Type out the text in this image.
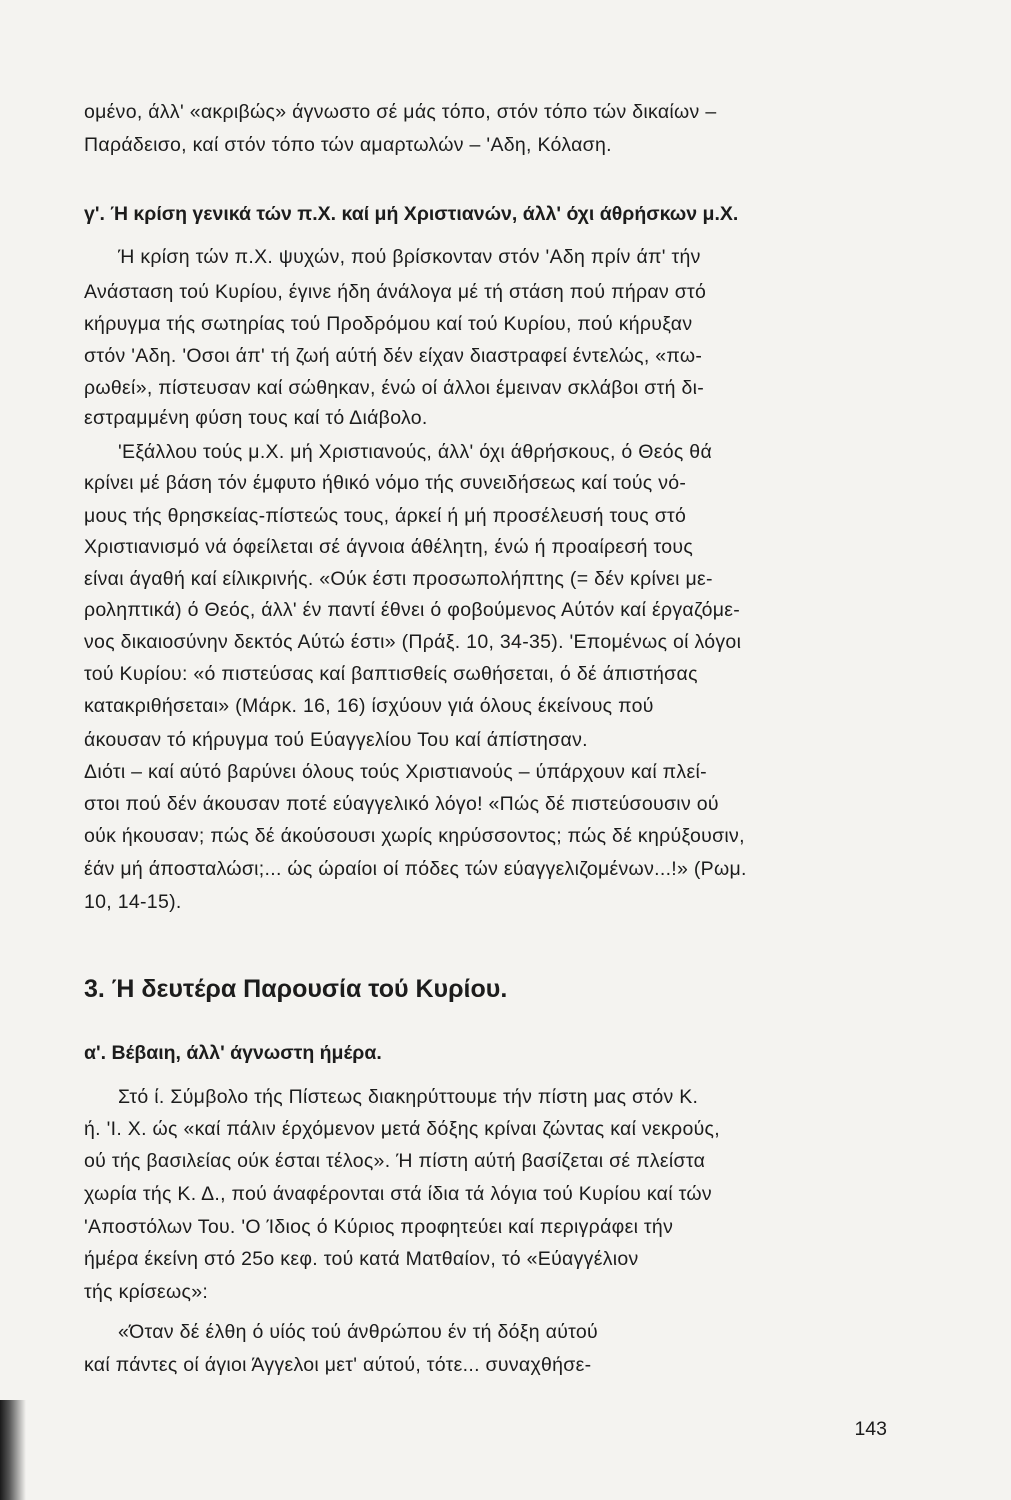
ομένο, άλλ' «ακριβώς» άγνωστο σέ μάς τόπο, στόν τόπο τών δικαίων –
Παράδεισο, καί στόν τόπο τών αμαρτωλών – 'Αδη, Κόλαση.
γ'. Ή κρίση γενικά τών π.Χ. καί μή Χριστιανών, άλλ' όχι άθρήσκων μ.Χ.
Ή κρίση τών π.Χ. ψυχών, πού βρίσκονταν στόν 'Αδη πρίν άπ' τήν
Ανάσταση τού Κυρίου, έγινε ήδη άνάλογα μέ τή στάση πού πήραν στό
κήρυγμα τής σωτηρίας τού Προδρόμου καί τού Κυρίου, πού κήρυξαν
στόν 'Αδη. 'Οσοι άπ' τή ζωή αύτή δέν είχαν διαστραφεί έντελώς, «πω-
ρωθεί», πίστευσαν καί σώθηκαν, ένώ οί άλλοι έμειναν σκλάβοι στή δι-
εστραμμένη φύση τους καί τό Διάβολο.
'Εξάλλου τούς μ.Χ. μή Χριστιανούς, άλλ' όχι άθρήσκους, ό Θεός θά
κρίνει μέ βάση τόν έμφυτο ήθικό νόμο τής συνειδήσεως καί τούς νό-
μους τής θρησκείας-πίστεώς τους, άρκεί ή μή προσέλευσή τους στό
Χριστιανισμό νά όφείλεται σέ άγνοια άθέλητη, ένώ ή προαίρεσή τους
είναι άγαθή καί είλικρινής. «Ούκ έστι προσωπολήπτης (= δέν κρίνει με-
ροληπτικά) ό Θεός, άλλ' έν παντί έθνει ό φοβούμενος Αύτόν καί έργαζόμε-
νος δικαιοσύνην δεκτός Αύτώ έστι» (Πράξ. 10, 34-35). 'Επομένως οί λόγοι
τού Κυρίου: «ό πιστεύσας καί βαπτισθείς σωθήσεται, ό δέ άπιστήσας
κατακριθήσεται» (Μάρκ. 16, 16) ίσχύουν γιά όλους έκείνους πού
άκουσαν τό κήρυγμα τού Εύαγγελίου Του καί άπίστησαν.
Διότι – καί αύτό βαρύνει όλους τούς Χριστιανούς – ύπάρχουν καί πλεί-
στοι πού δέν άκουσαν ποτέ εύαγγελικό λόγο! «Πώς δέ πιστεύσουσιν ού
ούκ ήκουσαν; πώς δέ άκούσουσι χωρίς κηρύσσοντος; πώς δέ κηρύξουσιν,
έάν μή άποσταλώσι;... ώς ώραίοι οί πόδες τών εύαγγελιζομένων...!» (Ρωμ.
10, 14-15).
3. Ή δευτέρα Παρουσία τού Κυρίου.
α'. Βέβαιη, άλλ' άγνωστη ήμέρα.
Στό ί. Σύμβολο τής Πίστεως διακηρύττουμε τήν πίστη μας στόν Κ.
ή. 'Ι. Χ. ώς «καί πάλιν έρχόμενον μετά δόξης κρίναι ζώντας καί νεκρούς,
ού τής βασιλείας ούκ έσται τέλος». Ή πίστη αύτή βασίζεται σέ πλείστα
χωρία τής Κ. Δ., πού άναφέρονται στά ίδια τά λόγια τού Κυρίου καί τών
'Αποστόλων Του. 'Ο Ίδιος ό Κύριος προφητεύει καί περιγράφει τήν
ήμέρα έκείνη στό 25ο κεφ. τού κατά Ματθαίον, τό «Εύαγγέλιον
τής κρίσεως»:
«Όταν δέ έλθη ό υίός τού άνθρώπου έν τή δόξη αύτού
καί πάντες οί άγιοι Άγγελοι μετ' αύτού, τότε... συναχθήσε-
143
